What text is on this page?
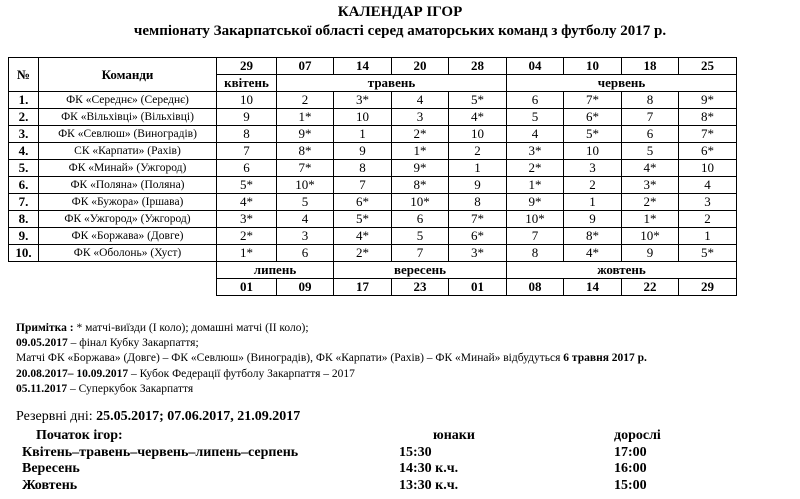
КАЛЕНДАР ІГОР
чемпіонату Закарпатської області серед аматорських команд з футболу 2017 р.
№	Команди	29	07	14	20	28	04	10	18	25
		квітень	травень				червень			
1.	ФК «Середнє» (Середнє)	10	2	3*	4	5*	6	7*	8	9*
2.	ФК «Вільхівці» (Вільхівці)	9	1*	10	3	4*	5	6*	7	8*
3.	ФК «Севлюш» (Виноградів)	8	9*	1	2*	10	4	5*	6	7*
4.	СК «Карпати» (Рахів)	7	8*	9	1*	2	3*	10	5	6*
5.	ФК «Минай» (Ужгород)	6	7*	8	9*	1	2*	3	4*	10
6.	ФК «Поляна» (Поляна)	5*	10*	7	8*	9	1*	2	3*	4
7.	ФК «Бужора» (Іршава)	4*	5	6*	10*	8	9*	1	2*	3
8.	ФК «Ужгород» (Ужгород)	3*	4	5*	6	7*	10*	9	1*	2
9.	ФК «Боржава» (Довге)	2*	3	4*	5	6*	7	8*	10*	1
10.	ФК «Оболонь» (Хуст)	1*	6	2*	7	3*	8	4*	9	5*
		липень		вересень			жовтень			
		01	09	17	23	01	08	14	22	29
Примітка : * матчі-виїзди (І коло); домашні матчі (ІІ коло);
09.05.2017 – фінал Кубку Закарпаття;
Матчі ФК «Боржава» (Довге) – ФК «Севлюш» (Виноградів), ФК «Карпати» (Рахів) – ФК «Минай» відбудуться 6 травня 2017 р.
20.08.2017– 10.09.2017 – Кубок Федерації футболу Закарпаття – 2017
05.11.2017 – Суперкубок Закарпаття
Резервні дні: 25.05.2017; 07.06.2017, 21.09.2017
Початок ігор:	юнаки	дорослі
Квітень–травень–червень–липень–серпень	15:30	17:00
Вересень	14:30 к.ч.	16:00
Жовтень	13:30 к.ч.	15:00
